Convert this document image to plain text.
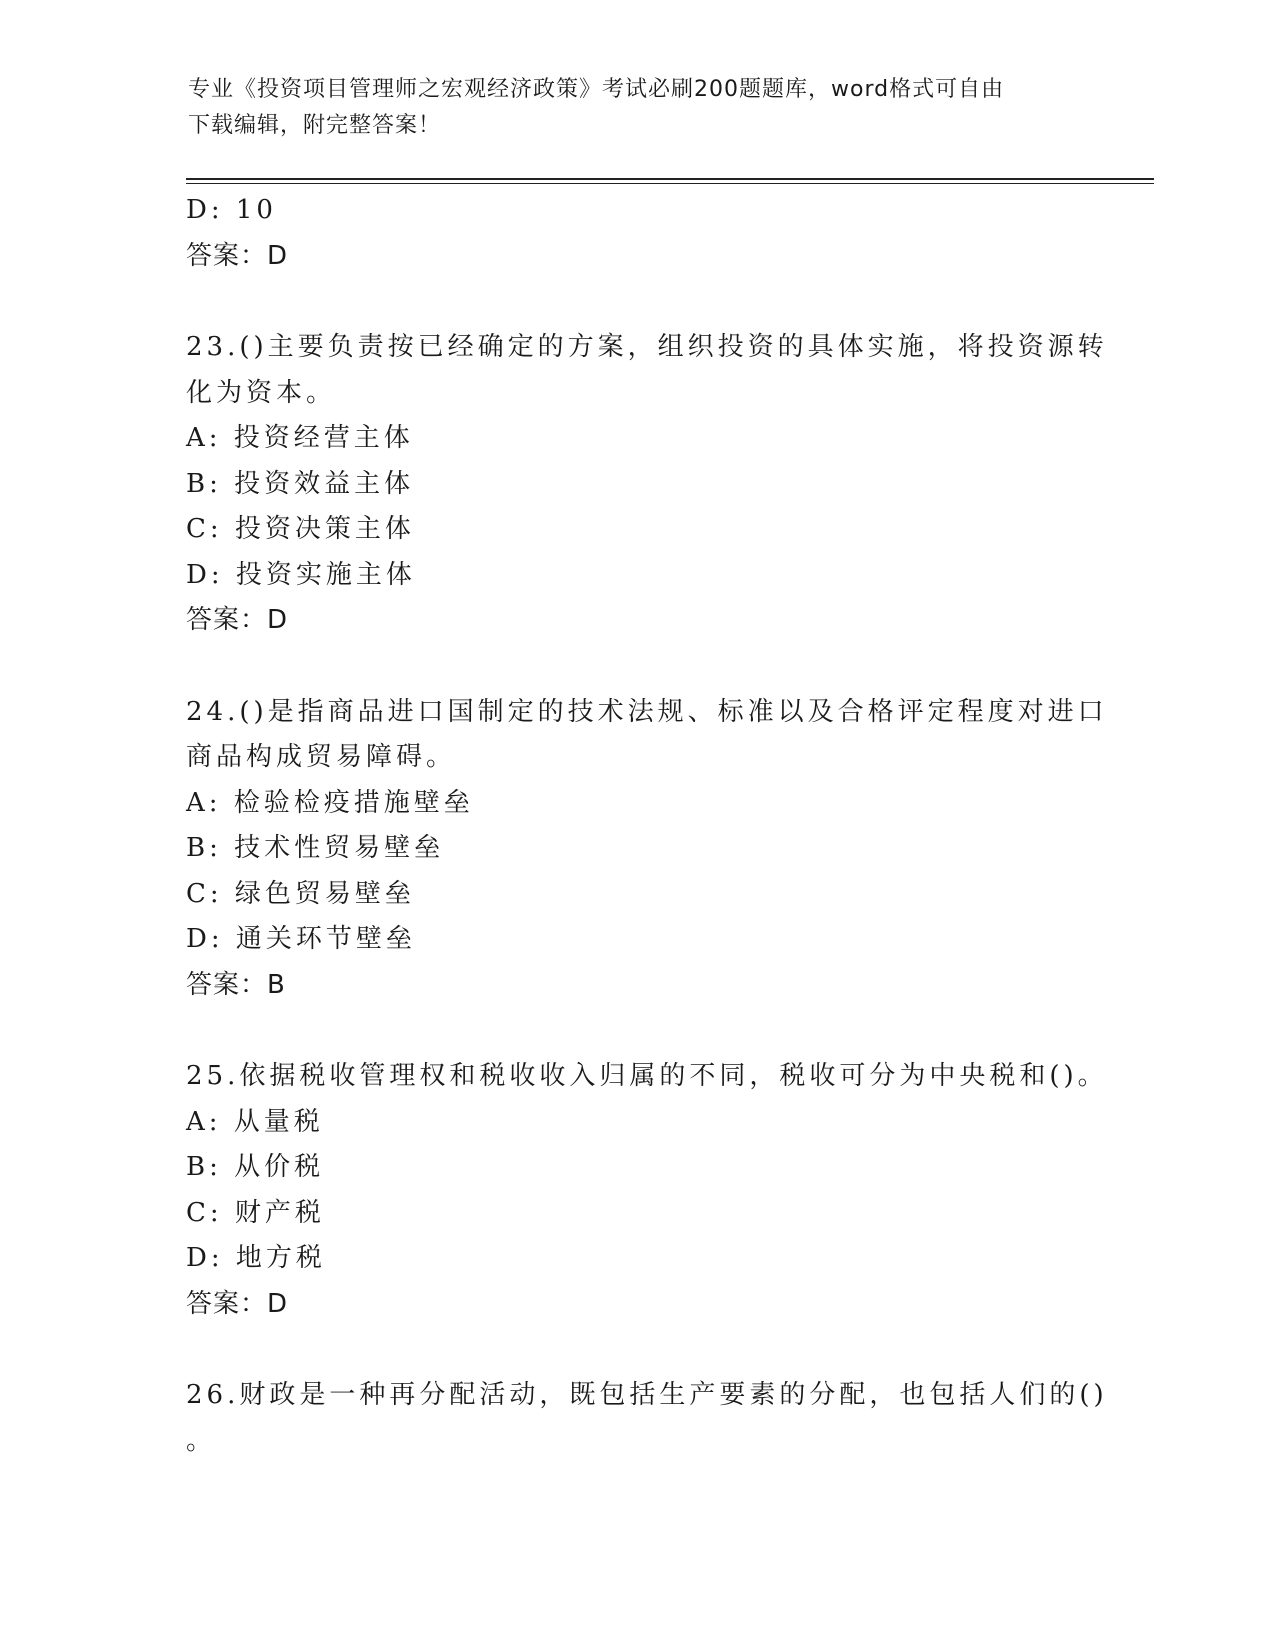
专业《投资项目管理师之宏观经济政策》考试必刷200题题库，word格式可自由
下载编辑，附完整答案！
D: 10
答案：D
23.()主要负责按已经确定的方案，组织投资的具体实施，将投资源转
化为资本。
A: 投资经营主体
B: 投资效益主体
C: 投资决策主体
D: 投资实施主体
答案：D
24.()是指商品进口国制定的技术法规、标准以及合格评定程度对进口
商品构成贸易障碍。
A: 检验检疫措施壁垒
B: 技术性贸易壁垒
C: 绿色贸易壁垒
D: 通关环节壁垒
答案：B
25.依据税收管理权和税收收入归属的不同，税收可分为中央税和()。
A: 从量税
B: 从价税
C: 财产税
D: 地方税
答案：D
26.财政是一种再分配活动，既包括生产要素的分配，也包括人们的()
。
